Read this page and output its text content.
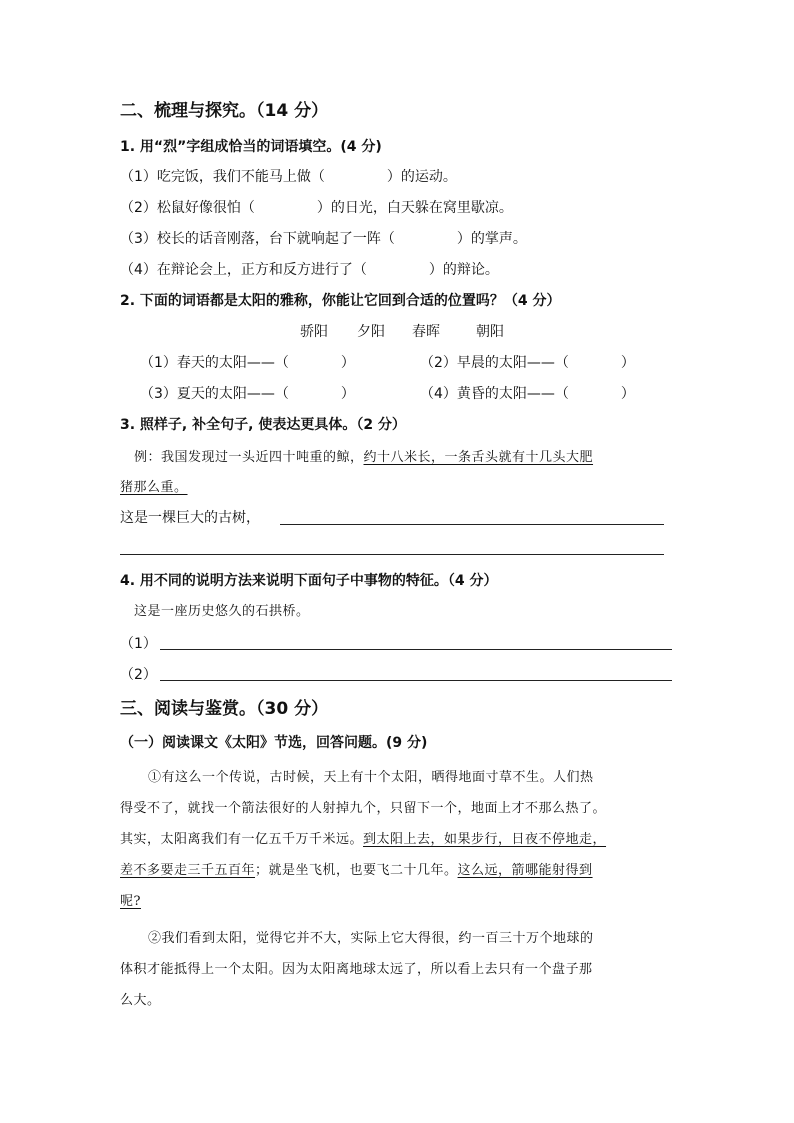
二、梳理与探究。（14 分）
1. 用“烈”字组成恰当的词语填空。(4 分)
（1）吃完饭，我们不能马上做（	）的运动。
（2）松鼠好像很怕（	）的日光，白天躲在窝里歇凉。
（3）校长的话音刚落，台下就响起了一阵（	）的掌声。
（4）在辩论会上，正方和反方进行了（	）的辩论。
2. 下面的词语都是太阳的雅称，你能让它回到合适的位置吗？（4 分）
骄阳 夕阳 春晖	朝阳
（1）春天的太阳——（	）	（2）早晨的太阳——（	）
（3）夏天的太阳——（	）	（4）黄昏的太阳——（	）
3. 照样子, 补全句子, 使表达更具体。（2 分）
例：我国发现过一头近四十吨重的鲸，约十八米长，一条舌头就有十几头大肥
猪那么重。
这是一棵巨大的古树，
4. 用不同的说明方法来说明下面句子中事物的特征。（4 分）
这是一座历史悠久的石拱桥。
（1）
（2）
三、阅读与鉴赏。（30 分）
（一）阅读课文《太阳》节选，回答问题。(9 分)
①有这么一个传说，古时候，天上有十个太阳，晒得地面寸草不生。人们热
得受不了，就找一个箭法很好的人射掉九个，只留下一个，地面上才不那么热了。
其实，太阳离我们有一亿五千万千米远。到太阳上去，如果步行，日夜不停地走，
差不多要走三千五百年；就是坐飞机，也要飞二十几年。这么远，箭哪能射得到
呢?
②我们看到太阳，觉得它并不大，实际上它大得很，约一百三十万个地球的
体积才能抵得上一个太阳。因为太阳离地球太远了，所以看上去只有一个盘子那
么大。
